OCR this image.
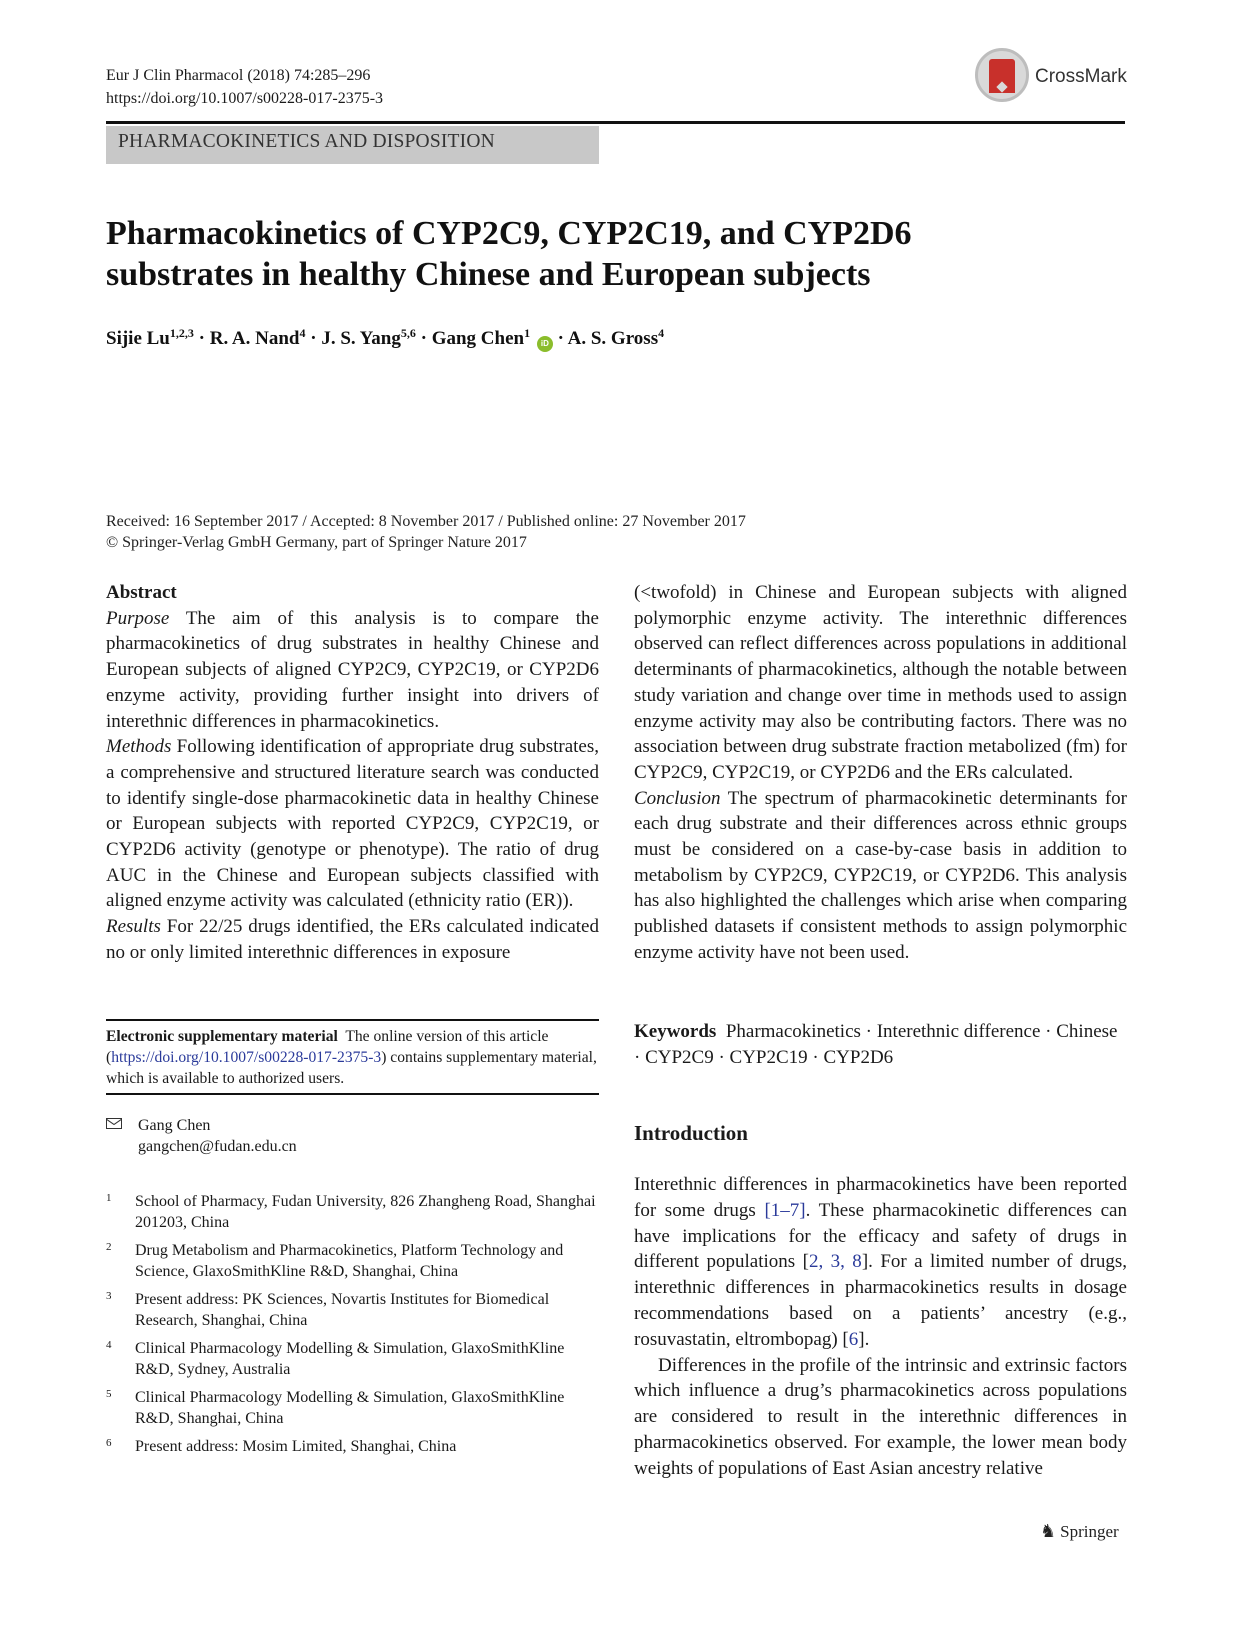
Eur J Clin Pharmacol (2018) 74:285–296
https://doi.org/10.1007/s00228-017-2375-3
CrossMark
PHARMACOKINETICS AND DISPOSITION
Pharmacokinetics of CYP2C9, CYP2C19, and CYP2D6
substrates in healthy Chinese and European subjects
Sijie Lu$^{1,2,3}$ · R. A. Nand$^4$ · J. S. Yang$^{5,6}$ · Gang Chen$^1$ iD · A. S. Gross$^4$
Received: 16 September 2017 / Accepted: 8 November 2017 / Published online: 27 November 2017
© Springer-Verlag GmbH Germany, part of Springer Nature 2017
Abstract

Purpose The aim of this analysis is to compare the pharmacokinetics of drug substrates in healthy Chinese and European subjects of aligned CYP2C9, CYP2C19, or CYP2D6 enzyme activity, providing further insight into drivers of interethnic differences in pharmacokinetics.

Methods Following identification of appropriate drug substrates, a comprehensive and structured literature search was conducted to identify single-dose pharmacokinetic data in healthy Chinese or European subjects with reported CYP2C9, CYP2C19, or CYP2D6 activity (genotype or phenotype). The ratio of drug AUC in the Chinese and European subjects classified with aligned enzyme activity was calculated (ethnicity ratio (ER)).

Results For 22/25 drugs identified, the ERs calculated indicated no or only limited interethnic differences in exposure

(<twofold) in Chinese and European subjects with aligned polymorphic enzyme activity. The interethnic differences observed can reflect differences across populations in additional determinants of pharmacokinetics, although the notable between study variation and change over time in methods used to assign enzyme activity may also be contributing factors. There was no association between drug substrate fraction metabolized (fm) for CYP2C9, CYP2C19, or CYP2D6 and the ERs calculated.

Conclusion The spectrum of pharmacokinetic determinants for each drug substrate and their differences across ethnic groups must be considered on a case-by-case basis in addition to metabolism by CYP2C9, CYP2C19, or CYP2D6. This analysis has also highlighted the challenges which arise when comparing published datasets if consistent methods to assign polymorphic enzyme activity have not been used.

Electronic supplementary material The online version of this article (https://doi.org/10.1007/s00228-017-2375-3) contains supplementary material, which is available to authorized users.
Gang Chen
gangchen@fudan.edu.cn
1 School of Pharmacy, Fudan University, 826 Zhangheng Road, Shanghai 201203, China
2 Drug Metabolism and Pharmacokinetics, Platform Technology and Science, GlaxoSmithKline R&D, Shanghai, China
3 Present address: PK Sciences, Novartis Institutes for Biomedical Research, Shanghai, China
4 Clinical Pharmacology Modelling & Simulation, GlaxoSmithKline R&D, Sydney, Australia
5 Clinical Pharmacology Modelling & Simulation, GlaxoSmithKline R&D, Shanghai, China
6 Present address: Mosim Limited, Shanghai, China
Keywords Pharmacokinetics · Interethnic difference · Chinese · CYP2C9 · CYP2C19 · CYP2D6
Introduction

Interethnic differences in pharmacokinetics have been reported for some drugs [1–7]. These pharmacokinetic differences can have implications for the efficacy and safety of drugs in different populations [2, 3, 8]. For a limited number of drugs, interethnic differences in pharmacokinetics results in dosage recommendations based on a patients’ ancestry (e.g., rosuvastatin, eltrombopag) [6].

Differences in the profile of the intrinsic and extrinsic factors which influence a drug’s pharmacokinetics across populations are considered to result in the interethnic differences in pharmacokinetics observed. For example, the lower mean body weights of populations of East Asian ancestry relative

♞ Springer
